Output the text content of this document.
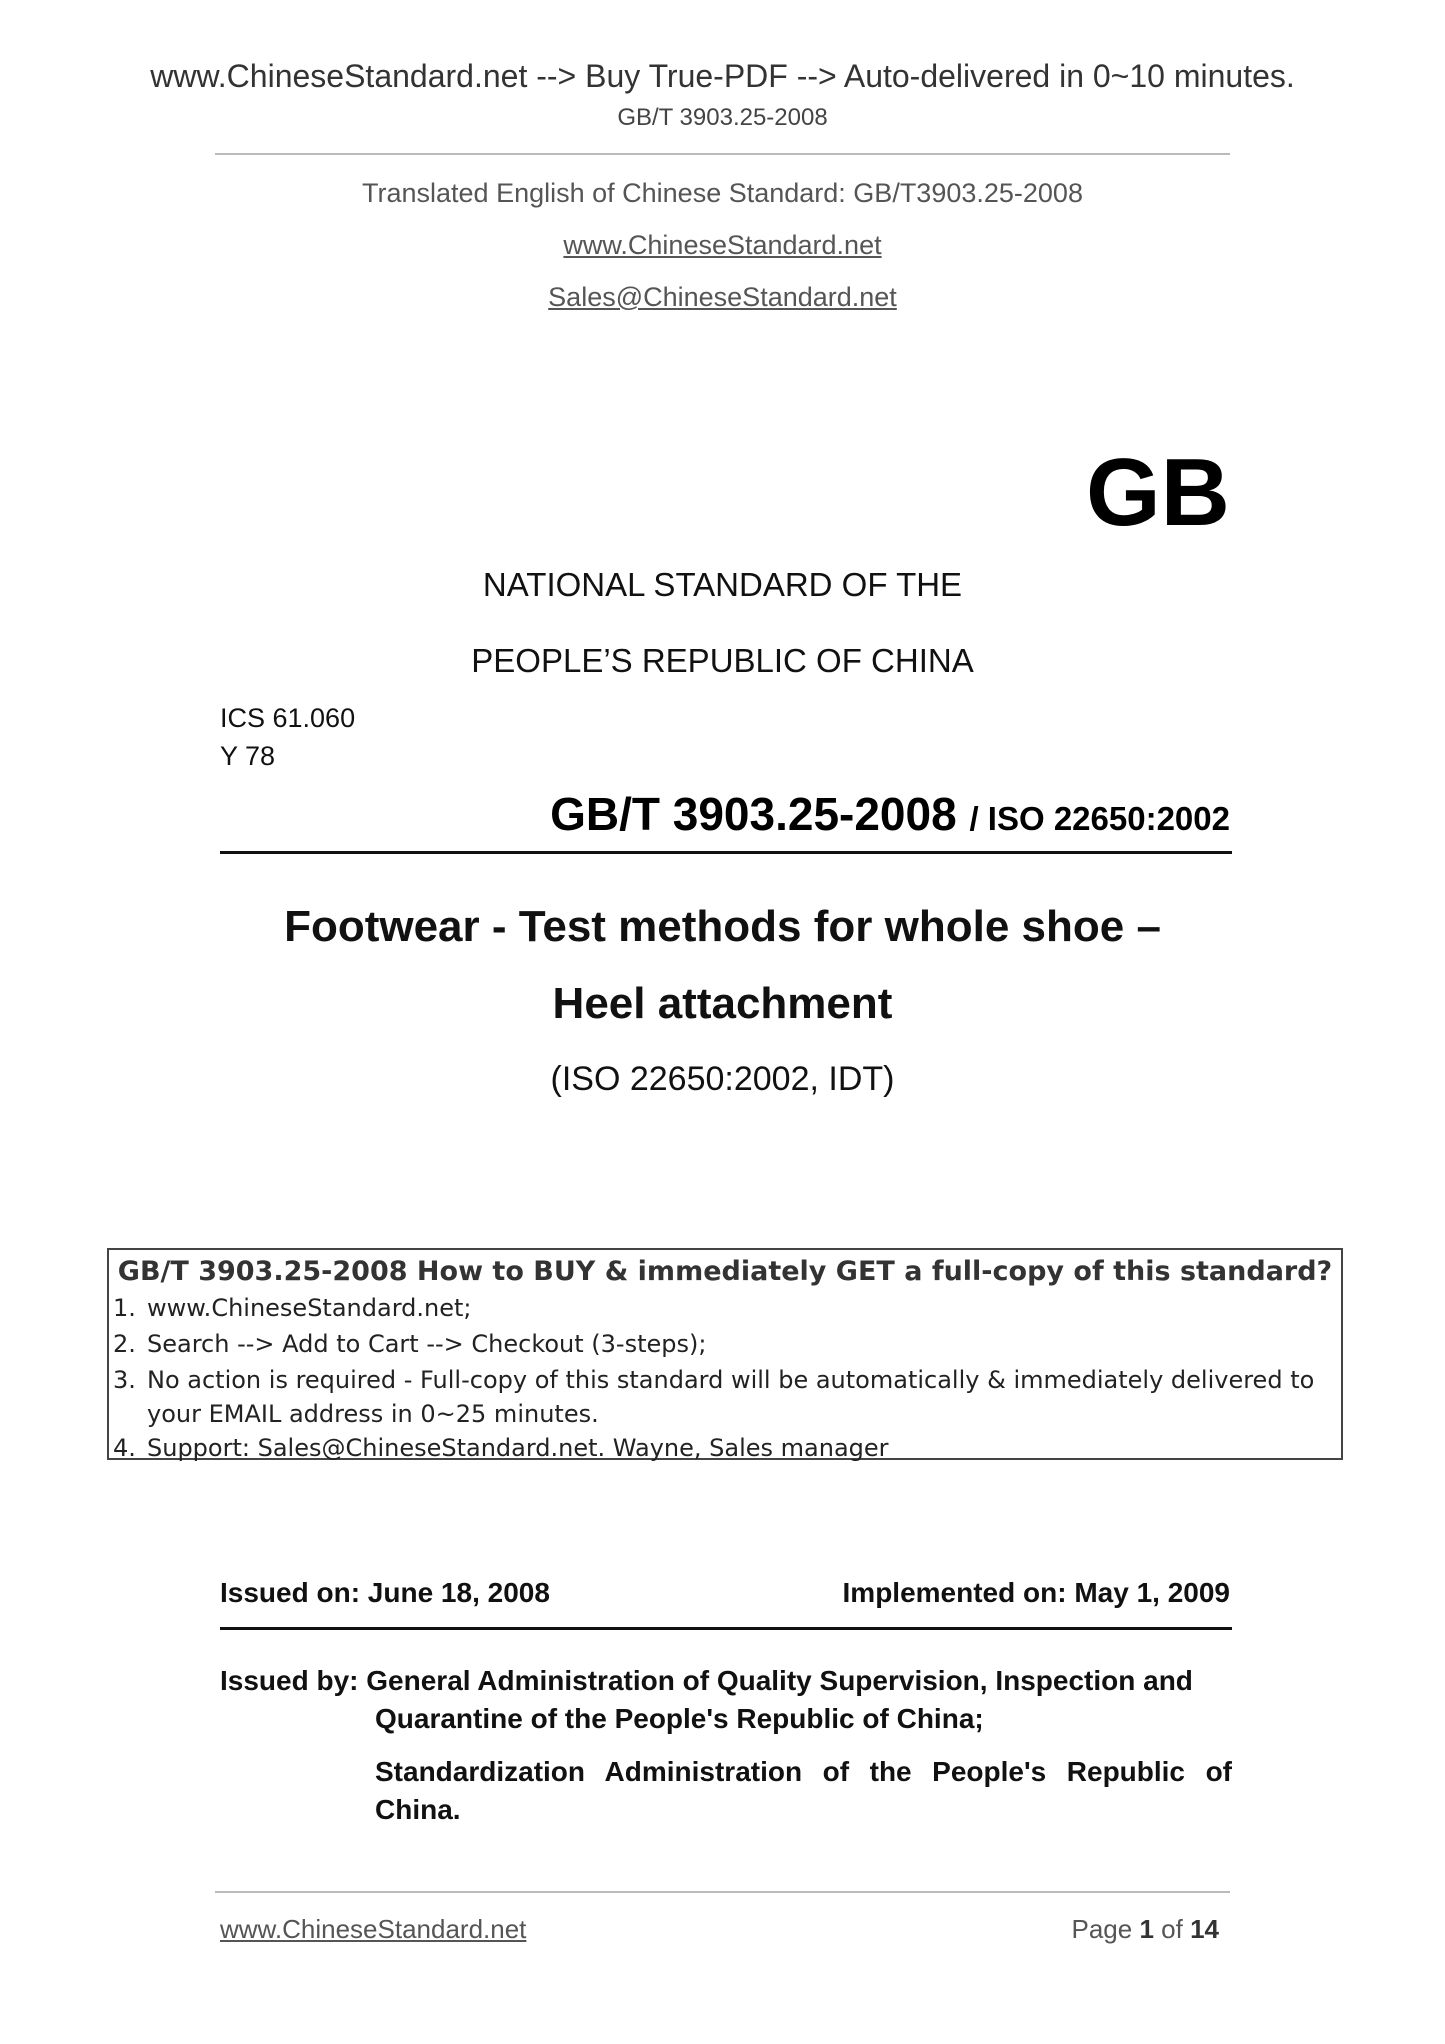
www.ChineseStandard.net --> Buy True-PDF --> Auto-delivered in 0~10 minutes.
GB/T 3903.25-2008
Translated English of Chinese Standard: GB/T3903.25-2008
www.ChineseStandard.net
Sales@ChineseStandard.net
GB
NATIONAL STANDARD OF THE
PEOPLE’S REPUBLIC OF CHINA
ICS 61.060
Y 78
GB/T 3903.25-2008 / ISO 22650:2002
Footwear - Test methods for whole shoe –
Heel attachment
(ISO 22650:2002, IDT)
GB/T 3903.25-2008 How to BUY & immediately GET a full-copy of this standard?
1. www.ChineseStandard.net;
2. Search --> Add to Cart --> Checkout (3-steps);
3. No action is required - Full-copy of this standard will be automatically & immediately delivered to
your EMAIL address in 0~25 minutes.
4. Support: Sales@ChineseStandard.net. Wayne, Sales manager
Issued on: June 18, 2008	Implemented on: May 1, 2009
Issued by: General Administration of Quality Supervision, Inspection and
Quarantine of the People's Republic of China;
Standardization Administration of the People's Republic of
China.
www.ChineseStandard.net	Page 1 of 14
